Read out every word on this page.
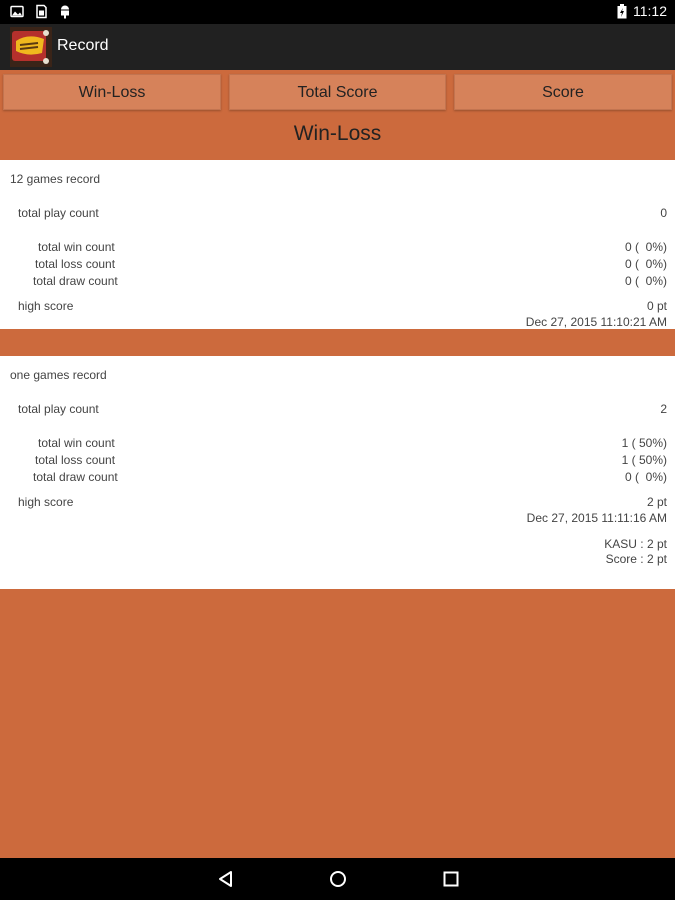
11:12
Record
Win-Loss	Total Score	Score
Win-Loss
12 games record
total play count	0
total win count	0 (  0%)
total loss count	0 (  0%)
total draw count	0 (  0%)
high score	0 pt
Dec 27, 2015 11:10:21 AM
one games record
total play count	2
total win count	1 ( 50%)
total loss count	1 ( 50%)
total draw count	0 (  0%)
high score	2 pt
Dec 27, 2015 11:11:16 AM
KASU : 2 pt
Score : 2 pt
